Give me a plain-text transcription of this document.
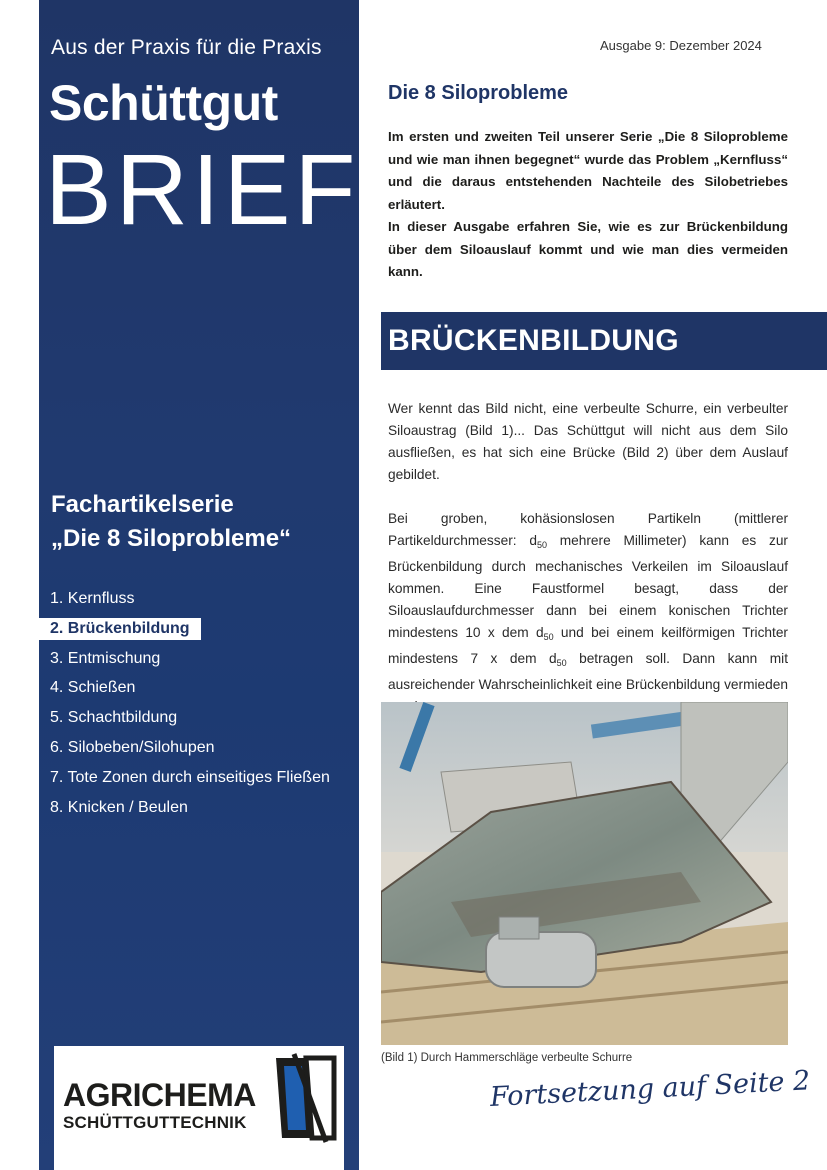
Aus der Praxis für die Praxis
Schüttgut
BRIEF
Fachartikelserie
„Die 8 Siloprobleme“
1. Kernfluss
2. Brückenbildung
3. Entmischung
4. Schießen
5. Schachtbildung
6. Silobeben/Silohupen
7. Tote Zonen durch einseitiges Fließen
8. Knicken / Beulen
AGRICHEMA
SCHÜTTGUTTECHNIK
Ausgabe 9: Dezember 2024
Die 8 Siloprobleme

Im ersten und zweiten Teil unserer Serie „Die 8 Siloprobleme und wie man ihnen begegnet“ wurde das Problem „Kernfluss“ und die daraus entstehenden Nachteile des Silobetriebes erläutert.

In dieser Ausgabe erfahren Sie, wie es zur Brückenbildung über dem Siloauslauf kommt und wie man dies vermeiden kann.

BRÜCKENBILDUNG

Wer kennt das Bild nicht, eine verbeulte Schurre, ein verbeulter Siloaustrag (Bild 1)... Das Schüttgut will nicht aus dem Silo ausfließen, es hat sich eine Brücke (Bild 2) über dem Auslauf gebildet.

Bei groben, kohäsionslosen Partikeln (mittlerer Partikeldurchmesser: $d_{50}$ mehrere Millimeter) kann es zur Brückenbildung durch mechanisches Verkeilen im Siloauslauf kommen. Eine Faustformel besagt, dass der Siloauslaufdurchmesser dann bei einem konischen Trichter mindestens 10 x dem $d_{50}$ und bei einem keilförmigen Trichter mindestens 7 x dem $d_{50}$ betragen soll. Dann kann mit ausreichender Wahrscheinlichkeit eine Brückenbildung vermieden

(Bild 1) Durch Hammerschläge verbeulte Schurre
Fortsetzung auf Seite 2
